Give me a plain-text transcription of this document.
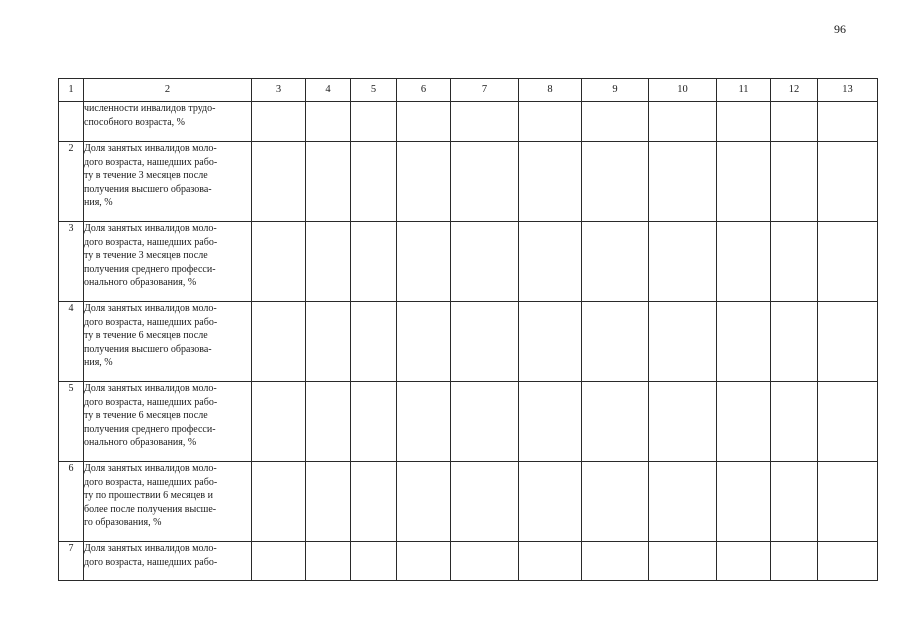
96
1	2	3	4	5	6	7	8	9	10	11	12	13

	численности инвалидов трудо-
способного возраста, %											

2	Доля занятых инвалидов моло-
дого возраста, нашедших рабо-
ту в течение 3 месяцев после
получения высшего образова-
ния, %											

3	Доля занятых инвалидов моло-
дого возраста, нашедших рабо-
ту в течение 3 месяцев после
получения среднего професси-
онального образования, %											

4	Доля занятых инвалидов моло-
дого возраста, нашедших рабо-
ту в течение 6 месяцев после
получения высшего образова-
ния, %											

5	Доля занятых инвалидов моло-
дого возраста, нашедших рабо-
ту в течение 6 месяцев после
получения среднего професси-
онального образования, %											

6	Доля занятых инвалидов моло-
дого возраста, нашедших рабо-
ту по прошествии 6 месяцев и
более после получения высше-
го образования, %											

7	Доля занятых инвалидов моло-
дого возраста, нашедших рабо-											
